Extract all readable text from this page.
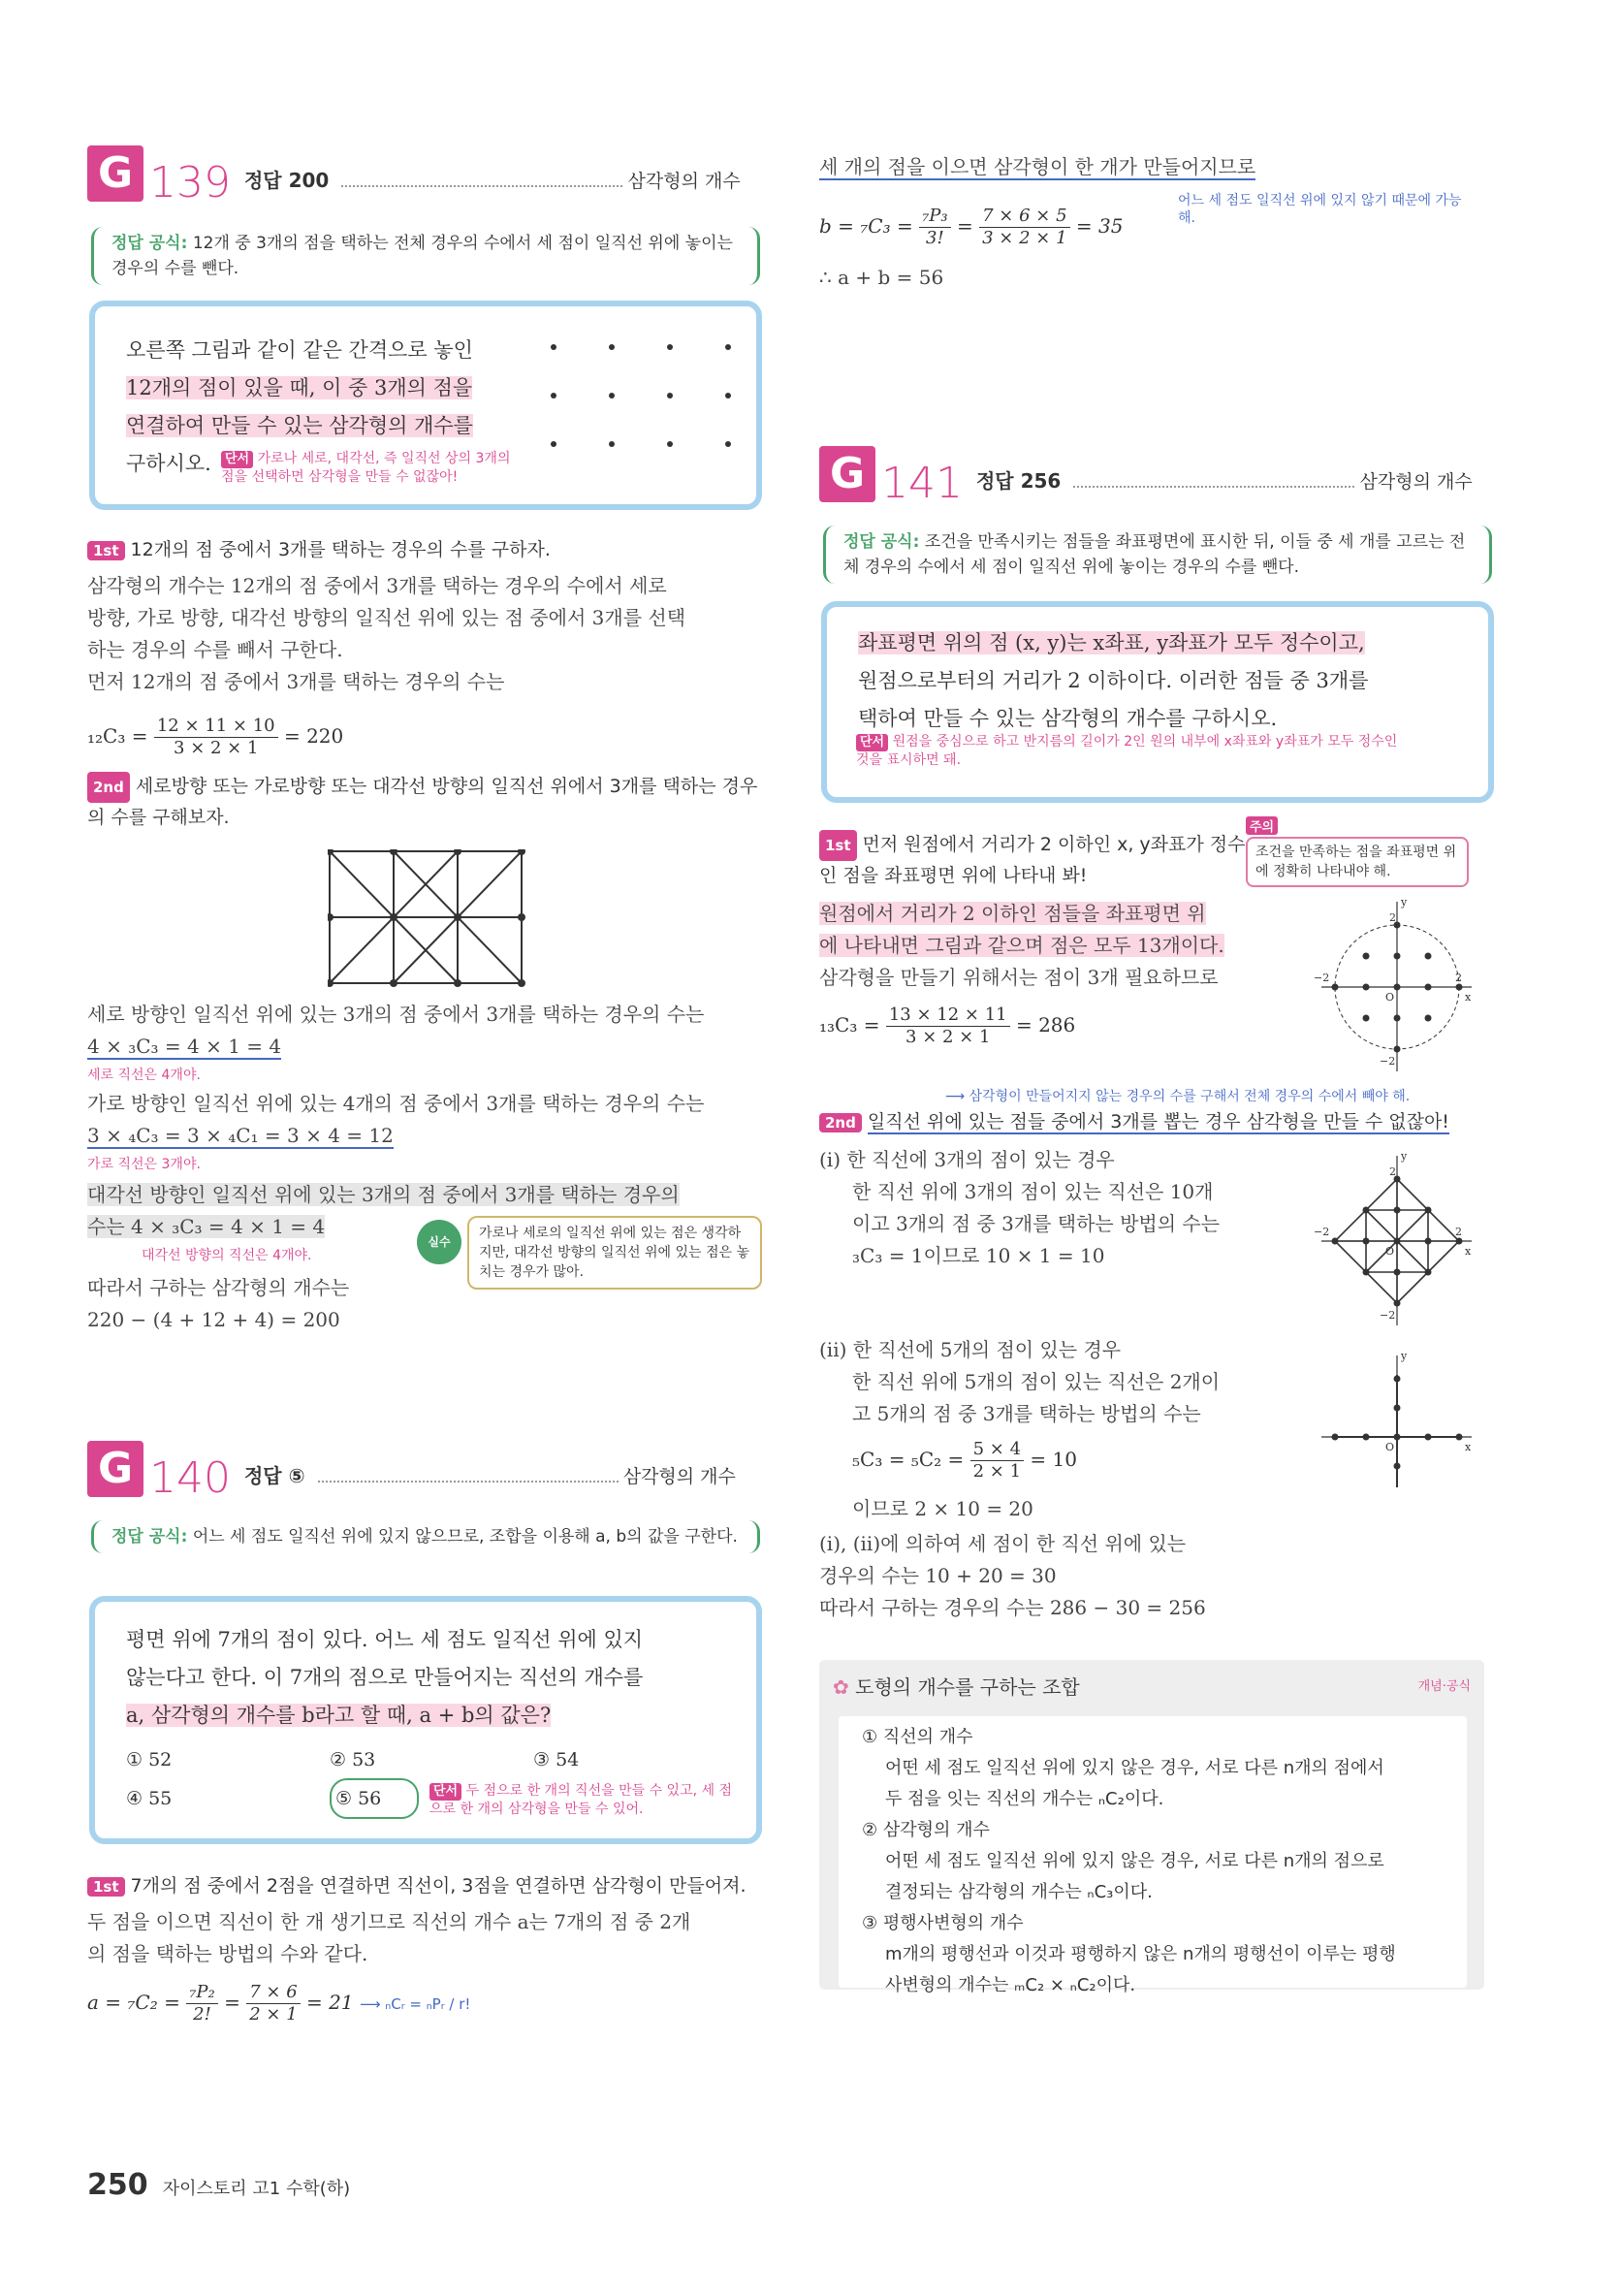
G 139 정답 200	삼각형의 개수
정답 공식: 12개 중 3개의 점을 택하는 전체 경우의 수에서 세 점이 일직선 위에 놓이는 경우의 수를 뺀다.
오른쪽 그림과 같이 같은 간격으로 놓인
12개의 점이 있을 때, 이 중 3개의 점을
연결하여 만들 수 있는 삼각형의 개수를
구하시오.	단서 가로나 세로, 대각선, 즉 일직선 상의 3개의 점을 선택하면 삼각형을 만들 수 없잖아!
1st 12개의 점 중에서 3개를 택하는 경우의 수를 구하자.
삼각형의 개수는 12개의 점 중에서 3개를 택하는 경우의 수에서 세로
방향, 가로 방향, 대각선 방향의 일직선 위에 있는 점 중에서 3개를 선택
하는 경우의 수를 빼서 구한다.
먼저 12개의 점 중에서 3개를 택하는 경우의 수는
$_{12}C_3 = \frac{12 \times 11 \times 10}{3 \times 2 \times 1} = 220$
2nd 세로방향 또는 가로방향 또는 대각선 방향의 일직선 위에서 3개를 택하는 경우의 수를 구해보자.
세로 방향인 일직선 위에 있는 3개의 점 중에서 3개를 택하는 경우의 수는
4 × ₃C₃ = 4 × 1 = 4
세로 직선은 4개야.
가로 방향인 일직선 위에 있는 4개의 점 중에서 3개를 택하는 경우의 수는
3 × ₄C₃ = 3 × ₄C₁ = 3 × 4 = 12
가로 직선은 3개야.
대각선 방향인 일직선 위에 있는 3개의 점 중에서 3개를 택하는 경우의
수는 4 × ₃C₃ = 4 × 1 = 4
대각선 방향의 직선은 4개야.
실수
가로나 세로의 일직선 위에 있는 점은 생각하지만, 대각선 방향의 일직선 위에 있는 점은 놓치는 경우가 많아.
따라서 구하는 삼각형의 개수는
220 − (4 + 12 + 4) = 200
G 140 정답 ⑤	삼각형의 개수
정답 공식: 어느 세 점도 일직선 위에 있지 않으므로, 조합을 이용해 a, b의 값을 구한다.
평면 위에 7개의 점이 있다. 어느 세 점도 일직선 위에 있지
않는다고 한다. 이 7개의 점으로 만들어지는 직선의 개수를
a, 삼각형의 개수를 b라고 할 때, a + b의 값은?
① 52	② 53	③ 54
④ 55	⑤ 56	단서 두 점으로 한 개의 직선을 만들 수 있고, 세 점으로 한 개의 삼각형을 만들 수 있어.
1st 7개의 점 중에서 2점을 연결하면 직선이, 3점을 연결하면 삼각형이 만들어져.
두 점을 이으면 직선이 한 개 생기므로 직선의 개수 a는 7개의 점 중 2개
의 점을 택하는 방법의 수와 같다.
$a = _7C_2 = \frac{\text{₇P₂}}{2!} = \frac{7 \times 6}{2 \times 1} = 21$ ⟶ ₙCᵣ = ₙPᵣ / r!
세 개의 점을 이으면 삼각형이 한 개가 만들어지므로
어느 세 점도 일직선 위에 있지 않기 때문에 가능해.
$b = _7C_3 = \frac{\text{₇P₃}}{3!} = \frac{7 \times 6 \times 5}{3 \times 2 \times 1} = 35$
∴ a + b = 56
G 141 정답 256	삼각형의 개수
정답 공식: 조건을 만족시키는 점들을 좌표평면에 표시한 뒤, 이들 중 세 개를 고르는 전체 경우의 수에서 세 점이 일직선 위에 놓이는 경우의 수를 뺀다.
좌표평면 위의 점 (x, y)는 x좌표, y좌표가 모두 정수이고,
원점으로부터의 거리가 2 이하이다. 이러한 점들 중 3개를
택하여 만들 수 있는 삼각형의 개수를 구하시오.
단서 원점을 중심으로 하고 반지름의 길이가 2인 원의 내부에 x좌표와 y좌표가 모두 정수인 것을 표시하면 돼.
1st 먼저 원점에서 거리가 2 이하인 x, y좌표가 정수인 점을 좌표평면 위에 나타내 봐!
주의
조건을 만족하는 점을 좌표평면 위에 정확히 나타내야 해.
원점에서 거리가 2 이하인 점들을 좌표평면 위
에 나타내면 그림과 같으며 점은 모두 13개이다.
삼각형을 만들기 위해서는 점이 3개 필요하므로
$_{13}C_3 = \frac{13 \times 12 \times 11}{3 \times 2 \times 1} = 286$
y
x
O
2
2
−2
−2
⟶ 삼각형이 만들어지지 않는 경우의 수를 구해서 전체 경우의 수에서 빼야 해.
2nd 일직선 위에 있는 점들 중에서 3개를 뽑는 경우 삼각형을 만들 수 없잖아!
(i) 한 직선에 3개의 점이 있는 경우
한 직선 위에 3개의 점이 있는 직선은 10개
이고 3개의 점 중 3개를 택하는 방법의 수는
₃C₃ = 1이므로 10 × 1 = 10
y
x
O
2
2
−2
−2
(ii) 한 직선에 5개의 점이 있는 경우
한 직선 위에 5개의 점이 있는 직선은 2개이
고 5개의 점 중 3개를 택하는 방법의 수는
$_5C_3 = _5C_2 = \frac{5 \times 4}{2 \times 1} = 10$
이므로 2 × 10 = 20
y
x
O
(i), (ii)에 의하여 세 점이 한 직선 위에 있는
경우의 수는 10 + 20 = 30
따라서 구하는 경우의 수는 286 − 30 = 256
✿ 도형의 개수를 구하는 조합	개념·공식
① 직선의 개수
어떤 세 점도 일직선 위에 있지 않은 경우, 서로 다른 n개의 점에서
두 점을 잇는 직선의 개수는 ₙC₂이다.
② 삼각형의 개수
어떤 세 점도 일직선 위에 있지 않은 경우, 서로 다른 n개의 점으로
결정되는 삼각형의 개수는 ₙC₃이다.
③ 평행사변형의 개수
m개의 평행선과 이것과 평행하지 않은 n개의 평행선이 이루는 평행
사변형의 개수는 ₘC₂ × ₙC₂이다.
250 자이스토리 고1 수학(하)
